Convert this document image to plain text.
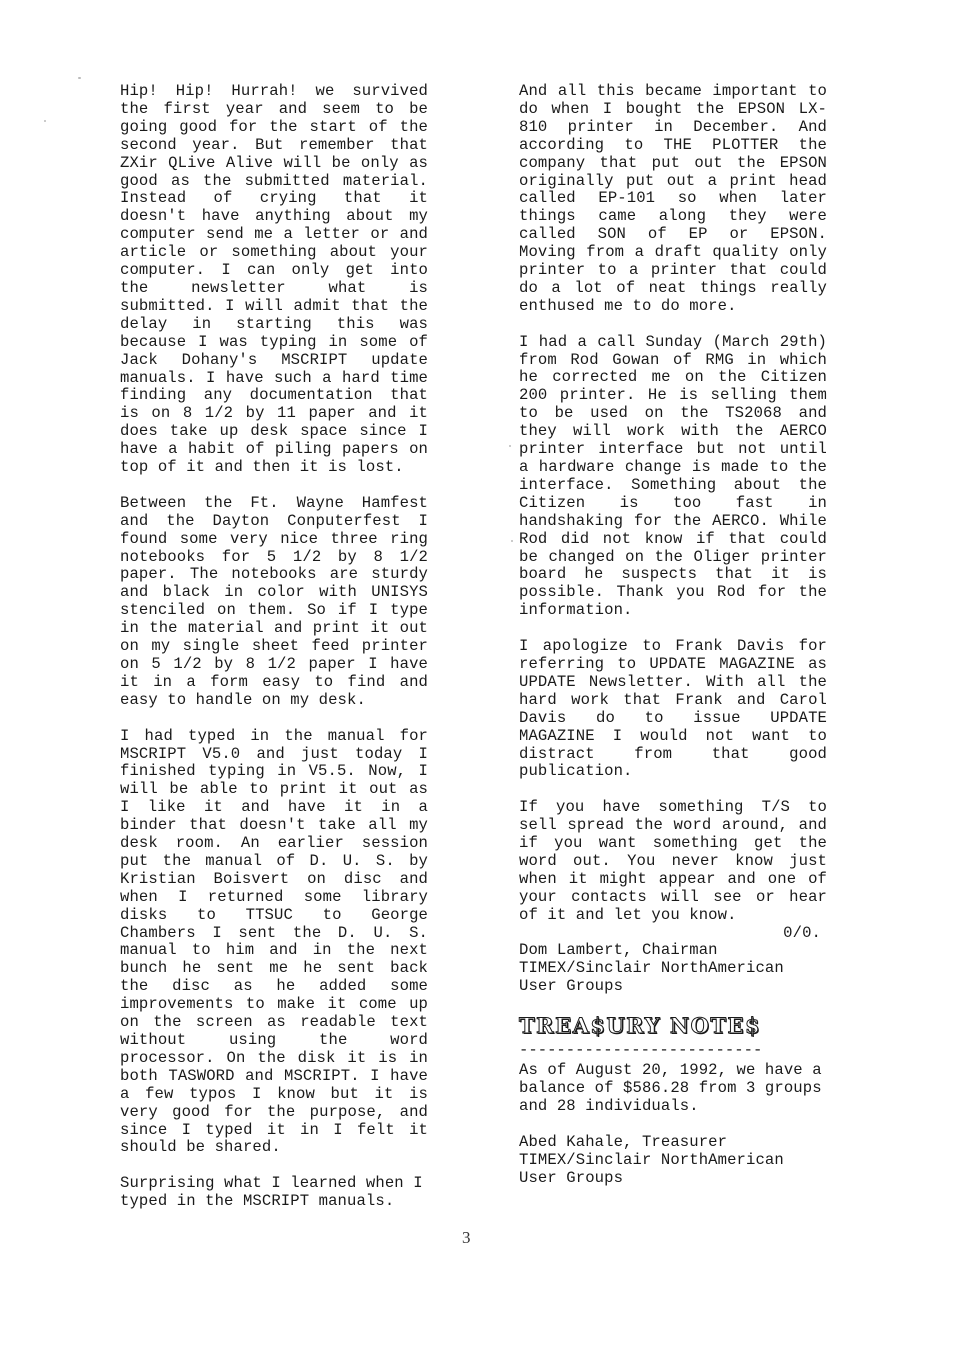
Hip! Hip! Hurrah! we survived the first year and seem to be going good for the start of the second year. But remember that ZXir QLive Alive will be only as good as the submitted material. Instead of crying that it doesn't have anything about my computer send me a letter or and article or something about your computer. I can only get into the newsletter what is submitted. I will admit that the delay in starting this was because I was typing in some of Jack Dohany's MSCRIPT update manuals. I have such a hard time finding any documentation that is on 8 1/2 by 11 paper and it does take up desk space since I have a habit of piling papers on top of it and then it is lost.

Between the Ft. Wayne Hamfest and the Dayton Conputerfest I found some very nice three ring notebooks for 5 1/2 by 8 1/2 paper. The notebooks are sturdy and black in color with UNISYS stenciled on them. So if I type in the material and print it out on my single sheet feed printer on 5 1/2 by 8 1/2 paper I have it in a form easy to find and easy to handle on my desk.

I had typed in the manual for MSCRIPT V5.0 and just today I finished typing in V5.5. Now, I will be able to print it out as I like it and have it in a binder that doesn't take all my desk room. An earlier session put the manual of D. U. S. by Kristian Boisvert on disc and when I returned some library disks to TTSUC to George Chambers I sent the D. U. S. manual to him and in the next bunch he sent me he sent back the disc as he added some improvements to make it come up on the screen as readable text without using the word processor. On the disk it is in both TASWORD and MSCRIPT. I have a few typos I know but it is very good for the purpose, and since I typed it in I felt it should be shared.

Surprising what I learned when I typed in the MSCRIPT manuals.

And all this became important to do when I bought the EPSON LX-810 printer in December. And according to THE PLOTTER the company that put out the EPSON originally put out a print head called EP-101 so when later things came along they were called SON of EP or EPSON. Moving from a draft quality only printer to a printer that could do a lot of neat things really enthused me to do more.

I had a call Sunday (March 29th) from Rod Gowan of RMG in which he corrected me on the Citizen 200 printer. He is selling them to be used on the TS2068 and they will work with the AERCO printer interface but not until a hardware change is made to the interface. Something about the Citizen is too fast in handshaking for the AERCO. While Rod did not know if that could be changed on the Oliger printer board he suspects that it is possible. Thank you Rod for the information.

I apologize to Frank Davis for referring to UPDATE MAGAZINE as UPDATE Newsletter. With all the hard work that Frank and Carol Davis do to issue UPDATE MAGAZINE I would not want to distract from that good publication.

If you have something T/S to sell spread the word around, and if you want something get the word out. You never know just when it might appear and one of your contacts will see or hear of it and let you know.
0/0.
Dom Lambert, Chairman
TIMEX/Sinclair NorthAmerican
User Groups
TREA$URY NOTE$
--------------------------

As of August 20, 1992, we have a balance of $586.28 from 3 groups and 28 individuals.

Abed Kahale, Treasurer
TIMEX/Sinclair NorthAmerican
User Groups
3
